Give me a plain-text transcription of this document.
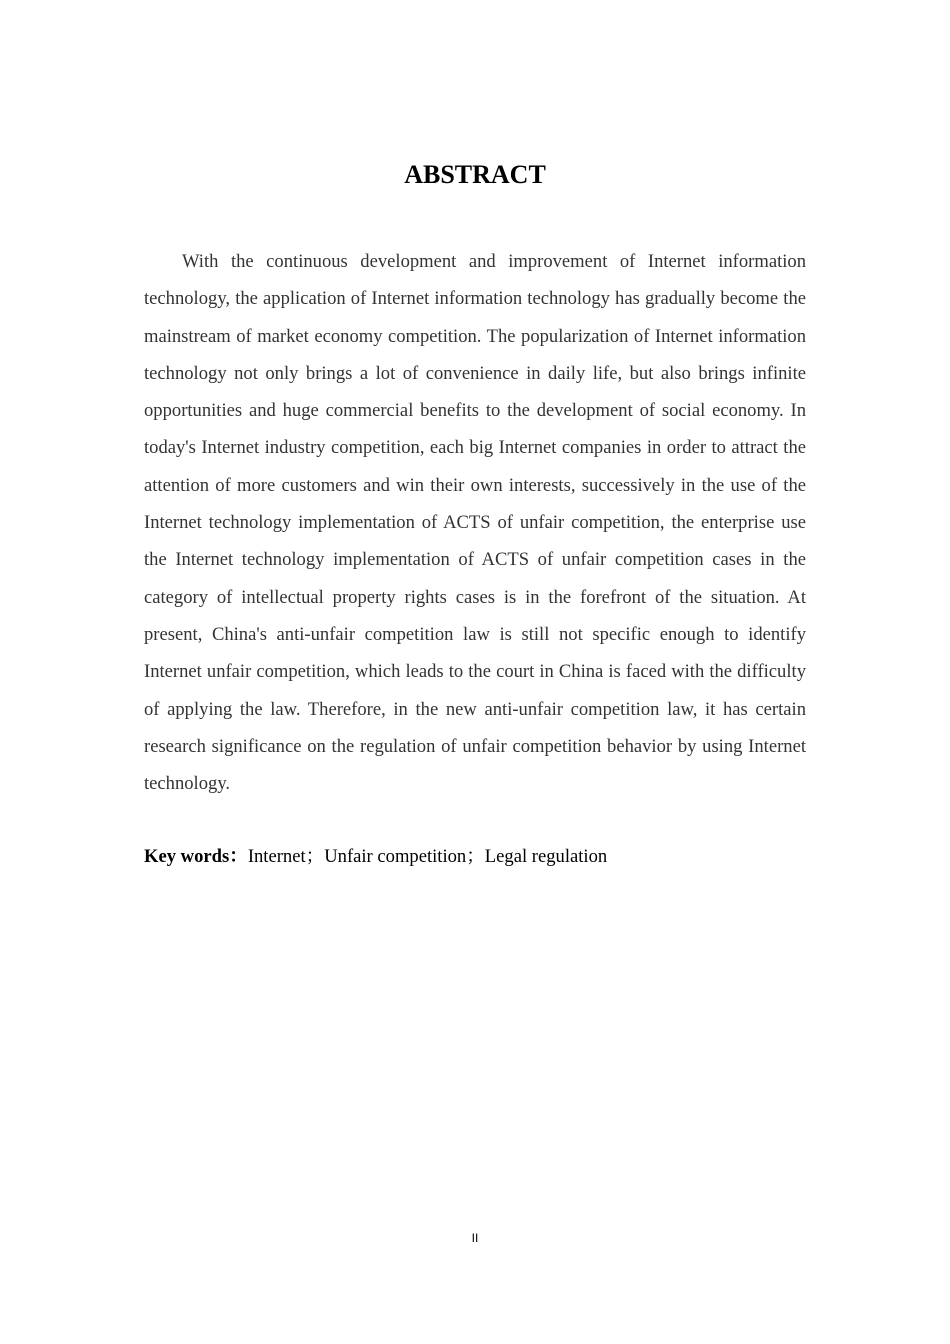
ABSTRACT

With the continuous development and improvement of Internet information technology, the application of Internet information technology has gradually become the mainstream of market economy competition. The popularization of Internet information technology not only brings a lot of convenience in daily life, but also brings infinite opportunities and huge commercial benefits to the development of social economy. In today's Internet industry competition, each big Internet companies in order to attract the attention of more customers and win their own interests, successively in the use of the Internet technology implementation of ACTS of unfair competition, the enterprise use the Internet technology implementation of ACTS of unfair competition cases in the category of intellectual property rights cases is in the forefront of the situation. At present, China's anti-unfair competition law is still not specific enough to identify Internet unfair competition, which leads to the court in China is faced with the difficulty of applying the law. Therefore, in the new anti-unfair competition law, it has certain research significance on the regulation of unfair competition behavior by using Internet technology.

Key words：Internet；Unfair competition；Legal regulation

II
